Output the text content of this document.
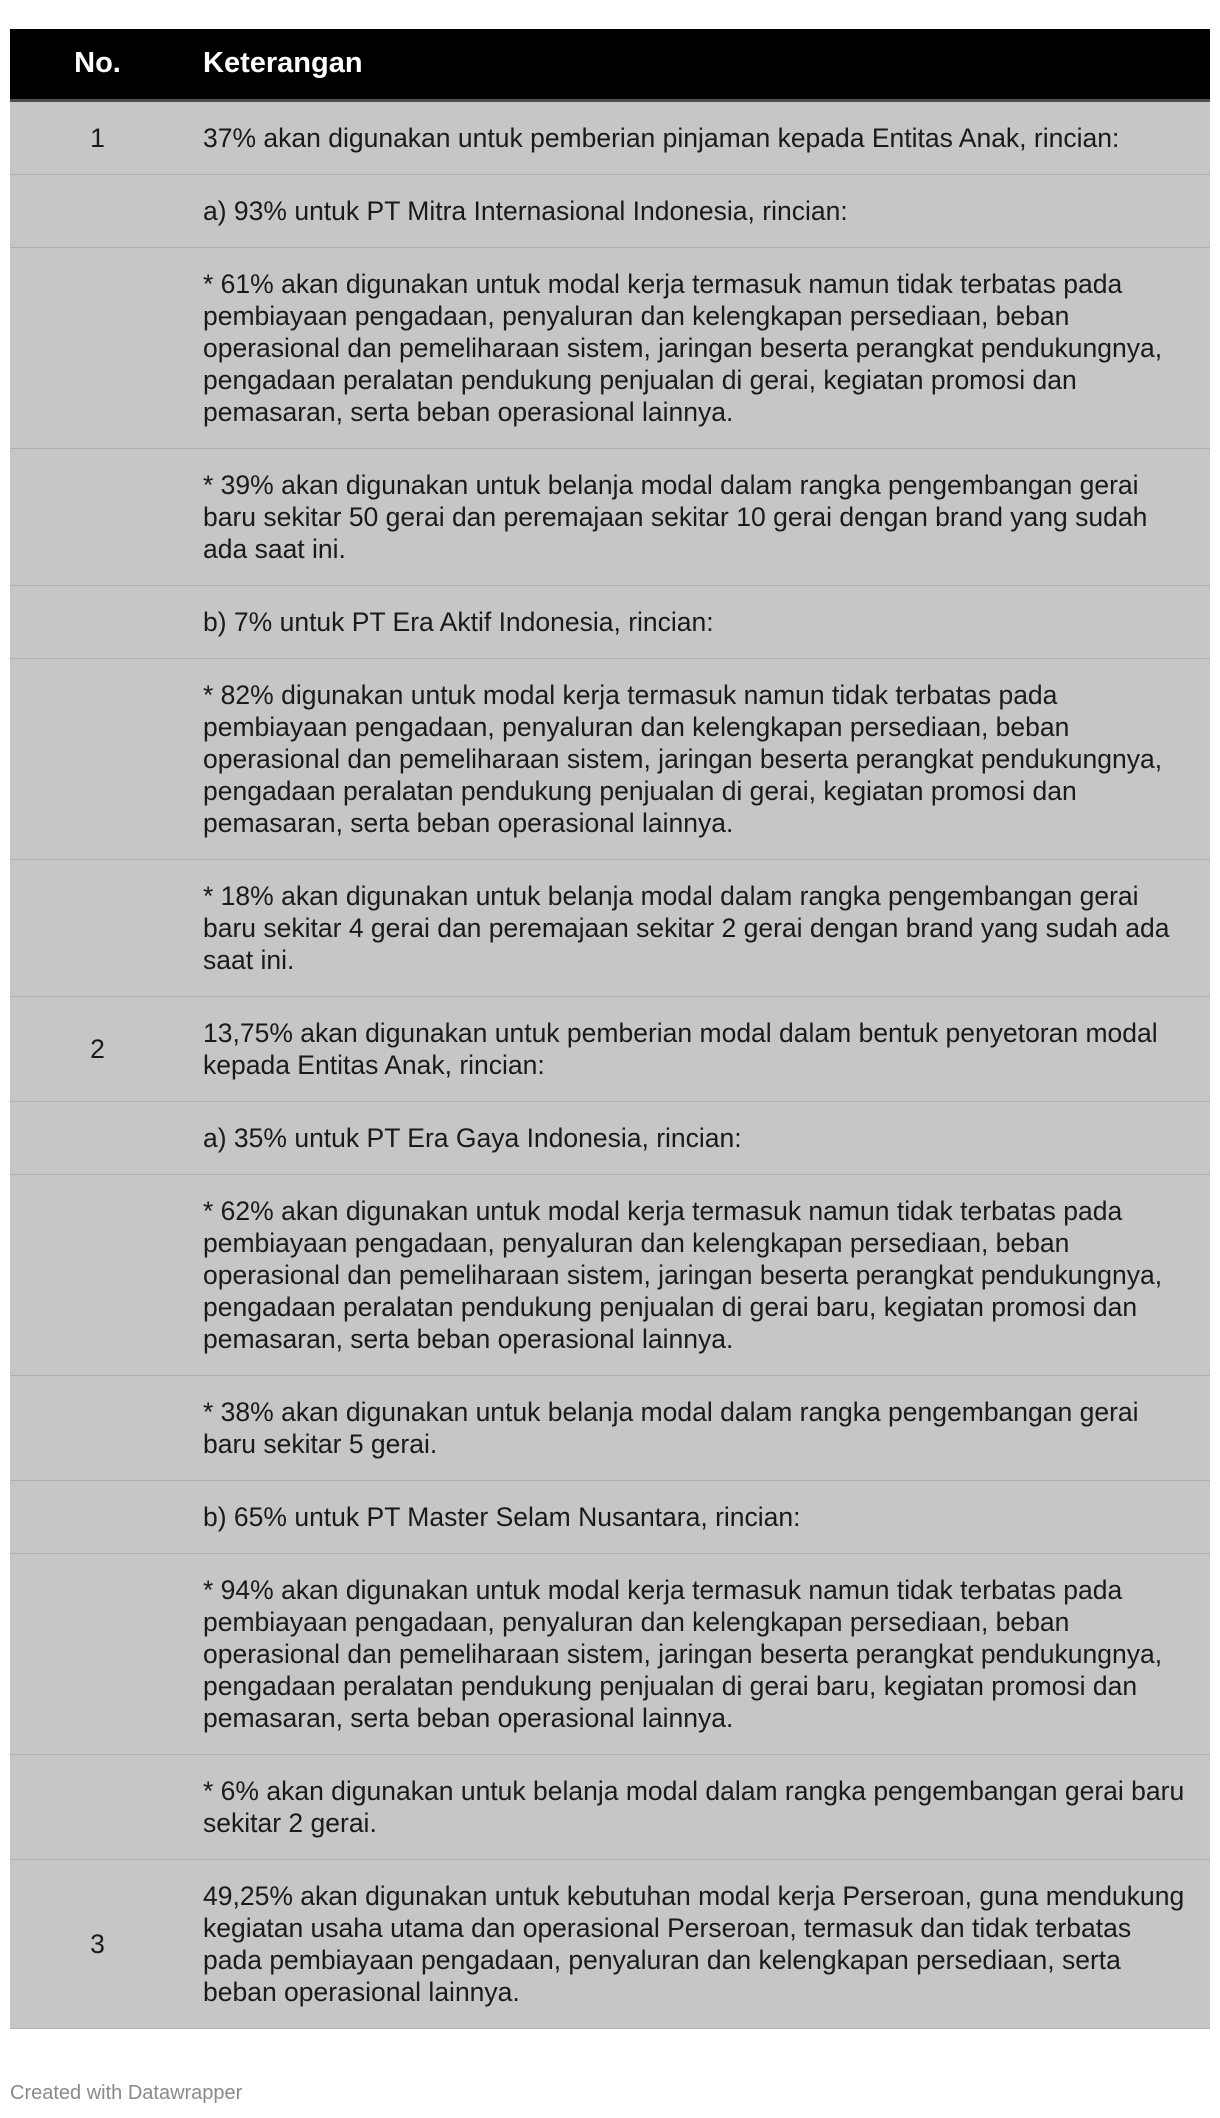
No.	Keterangan
1	37% akan digunakan untuk pemberian pinjaman kepada Entitas Anak, rincian:
	a) 93% untuk PT Mitra Internasional Indonesia, rincian:
	* 61% akan digunakan untuk modal kerja termasuk namun tidak terbatas pada pembiayaan pengadaan, penyaluran dan kelengkapan persediaan, beban operasional dan pemeliharaan sistem, jaringan beserta perangkat pendukungnya, pengadaan peralatan pendukung penjualan di gerai, kegiatan promosi dan pemasaran, serta beban operasional lainnya.
	* 39% akan digunakan untuk belanja modal dalam rangka pengembangan gerai baru sekitar 50 gerai dan peremajaan sekitar 10 gerai dengan brand yang sudah ada saat ini.
	b) 7% untuk PT Era Aktif Indonesia, rincian:
	* 82% digunakan untuk modal kerja termasuk namun tidak terbatas pada pembiayaan pengadaan, penyaluran dan kelengkapan persediaan, beban operasional dan pemeliharaan sistem, jaringan beserta perangkat pendukungnya, pengadaan peralatan pendukung penjualan di gerai, kegiatan promosi dan pemasaran, serta beban operasional lainnya.
	* 18% akan digunakan untuk belanja modal dalam rangka pengembangan gerai baru sekitar 4 gerai dan peremajaan sekitar 2 gerai dengan brand yang sudah ada saat ini.
2	13,75% akan digunakan untuk pemberian modal dalam bentuk penyetoran modal kepada Entitas Anak, rincian:
	a) 35% untuk PT Era Gaya Indonesia, rincian:
	* 62% akan digunakan untuk modal kerja termasuk namun tidak terbatas pada pembiayaan pengadaan, penyaluran dan kelengkapan persediaan, beban operasional dan pemeliharaan sistem, jaringan beserta perangkat pendukungnya, pengadaan peralatan pendukung penjualan di gerai baru, kegiatan promosi dan pemasaran, serta beban operasional lainnya.
	* 38% akan digunakan untuk belanja modal dalam rangka pengembangan gerai baru sekitar 5 gerai.
	b) 65% untuk PT Master Selam Nusantara, rincian:
	* 94% akan digunakan untuk modal kerja termasuk namun tidak terbatas pada pembiayaan pengadaan, penyaluran dan kelengkapan persediaan, beban operasional dan pemeliharaan sistem, jaringan beserta perangkat pendukungnya, pengadaan peralatan pendukung penjualan di gerai baru, kegiatan promosi dan pemasaran, serta beban operasional lainnya.
	* 6% akan digunakan untuk belanja modal dalam rangka pengembangan gerai baru sekitar 2 gerai.
3	49,25% akan digunakan untuk kebutuhan modal kerja Perseroan, guna mendukung kegiatan usaha utama dan operasional Perseroan, termasuk dan tidak terbatas pada pembiayaan pengadaan, penyaluran dan kelengkapan persediaan, serta beban operasional lainnya.
Created with Datawrapper
